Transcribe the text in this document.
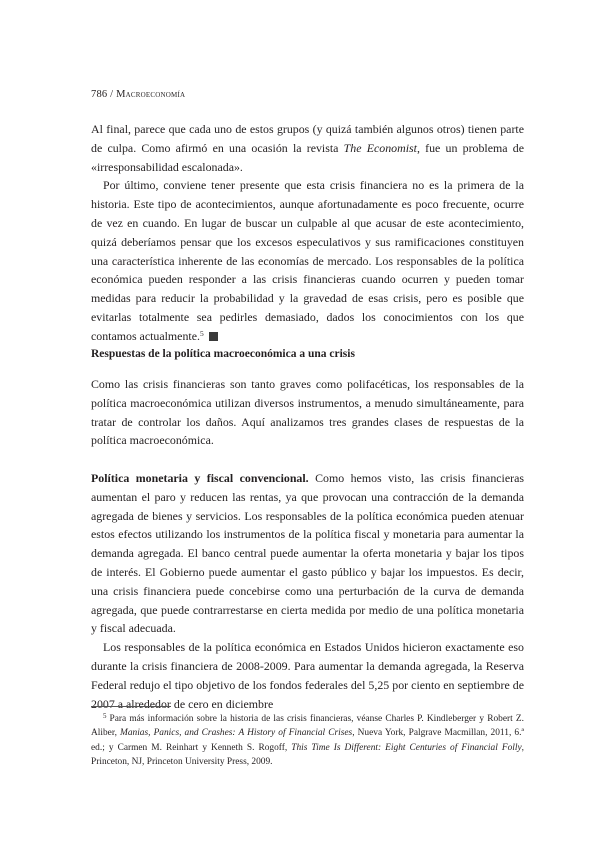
786 / Macroeconomía

Al final, parece que cada uno de estos grupos (y quizá también algunos otros) tienen parte de culpa. Como afirmó en una ocasión la revista The Economist, fue un problema de «irresponsabilidad escalonada».

Por último, conviene tener presente que esta crisis financiera no es la primera de la historia. Este tipo de acontecimientos, aunque afortunadamente es poco frecuente, ocurre de vez en cuando. En lugar de buscar un culpable al que acusar de este acontecimiento, quizá deberíamos pensar que los excesos especulativos y sus ramificaciones constituyen una característica inherente de las economías de mercado. Los responsables de la política económica pueden responder a las crisis financieras cuando ocurren y pueden tomar medidas para reducir la probabilidad y la gravedad de esas crisis, pero es posible que evitarlas totalmente sea pedirles demasiado, dados los conocimientos con los que contamos actualmente.$^5$

Respuestas de la política macroeconómica a una crisis

Como las crisis financieras son tanto graves como polifacéticas, los responsables de la política macroeconómica utilizan diversos instrumentos, a menudo simultáneamente, para tratar de controlar los daños. Aquí analizamos tres grandes clases de respuestas de la política macroeconómica.

Política monetaria y fiscal convencional. Como hemos visto, las crisis financieras aumentan el paro y reducen las rentas, ya que provocan una contracción de la demanda agregada de bienes y servicios. Los responsables de la política económica pueden atenuar estos efectos utilizando los instrumentos de la política fiscal y monetaria para aumentar la demanda agregada. El banco central puede aumentar la oferta monetaria y bajar los tipos de interés. El Gobierno puede aumentar el gasto público y bajar los impuestos. Es decir, una crisis financiera puede concebirse como una perturbación de la curva de demanda agregada, que puede contrarrestarse en cierta medida por medio de una política monetaria y fiscal adecuada.

Los responsables de la política económica en Estados Unidos hicieron exactamente eso durante la crisis financiera de 2008-2009. Para aumentar la demanda agregada, la Reserva Federal redujo el tipo objetivo de los fondos federales del 5,25 por ciento en septiembre de 2007 a alrededor de cero en diciembre

$^5$ Para más información sobre la historia de las crisis financieras, véanse Charles P. Kindleberger y Robert Z. Aliber, Manias, Panics, and Crashes: A History of Financial Crises, Nueva York, Palgrave Macmillan, 2011, 6.ª ed.; y Carmen M. Reinhart y Kenneth S. Rogoff, This Time Is Different: Eight Centuries of Financial Folly, Princeton, NJ, Princeton University Press, 2009.
